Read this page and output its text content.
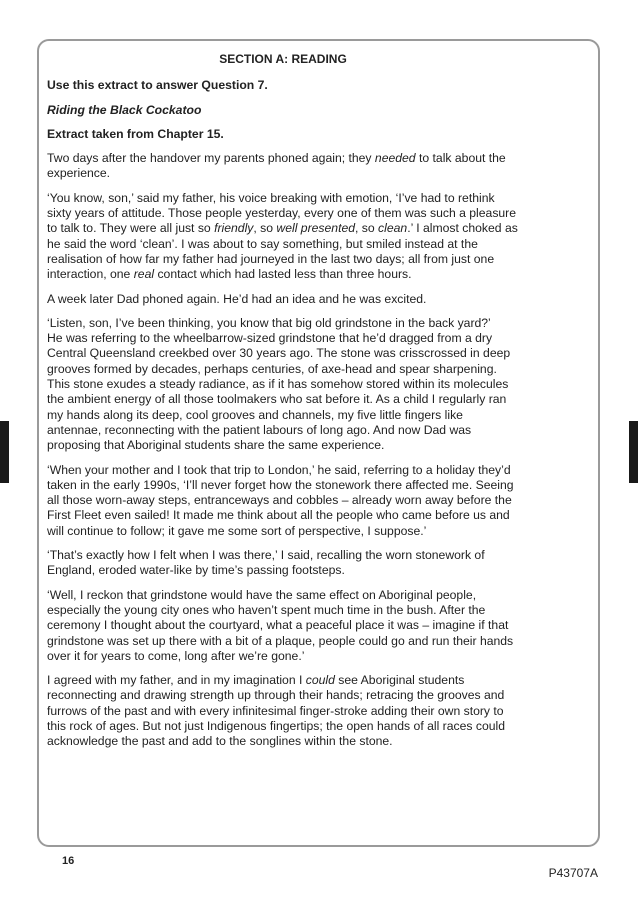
SECTION A: READING

Use this extract to answer Question 7.

Riding the Black Cockatoo

Extract taken from Chapter 15.

Two days after the handover my parents phoned again; they needed to talk about the experience.

‘You know, son,’ said my father, his voice breaking with emotion, ‘I’ve had to rethink sixty years of attitude. Those people yesterday, every one of them was such a pleasure to talk to. They were all just so friendly, so well presented, so clean.’ I almost choked as he said the word ‘clean’. I was about to say something, but smiled instead at the realisation of how far my father had journeyed in the last two days; all from just one interaction, one real contact which had lasted less than three hours.

A week later Dad phoned again. He’d had an idea and he was excited.

‘Listen, son, I’ve been thinking, you know that big old grindstone in the back yard?’
He was referring to the wheelbarrow-sized grindstone that he’d dragged from a dry Central Queensland creekbed over 30 years ago. The stone was crisscrossed in deep grooves formed by decades, perhaps centuries, of axe-head and spear sharpening. This stone exudes a steady radiance, as if it has somehow stored within its molecules the ambient energy of all those toolmakers who sat before it. As a child I regularly ran my hands along its deep, cool grooves and channels, my five little fingers like antennae, reconnecting with the patient labours of long ago. And now Dad was proposing that Aboriginal students share the same experience.

‘When your mother and I took that trip to London,’ he said, referring to a holiday they’d taken in the early 1990s, ‘I’ll never forget how the stonework there affected me. Seeing all those worn-away steps, entranceways and cobbles – already worn away before the First Fleet even sailed! It made me think about all the people who came before us and will continue to follow; it gave me some sort of perspective, I suppose.’

‘That’s exactly how I felt when I was there,’ I said, recalling the worn stonework of England, eroded water-like by time’s passing footsteps.

‘Well, I reckon that grindstone would have the same effect on Aboriginal people, especially the young city ones who haven’t spent much time in the bush. After the ceremony I thought about the courtyard, what a peaceful place it was – imagine if that grindstone was set up there with a bit of a plaque, people could go and run their hands over it for years to come, long after we’re gone.’

I agreed with my father, and in my imagination I could see Aboriginal students reconnecting and drawing strength up through their hands; retracing the grooves and furrows of the past and with every infinitesimal finger-stroke adding their own story to this rock of ages. But not just Indigenous fingertips; the open hands of all races could acknowledge the past and add to the songlines within the stone.

16
P43707A
